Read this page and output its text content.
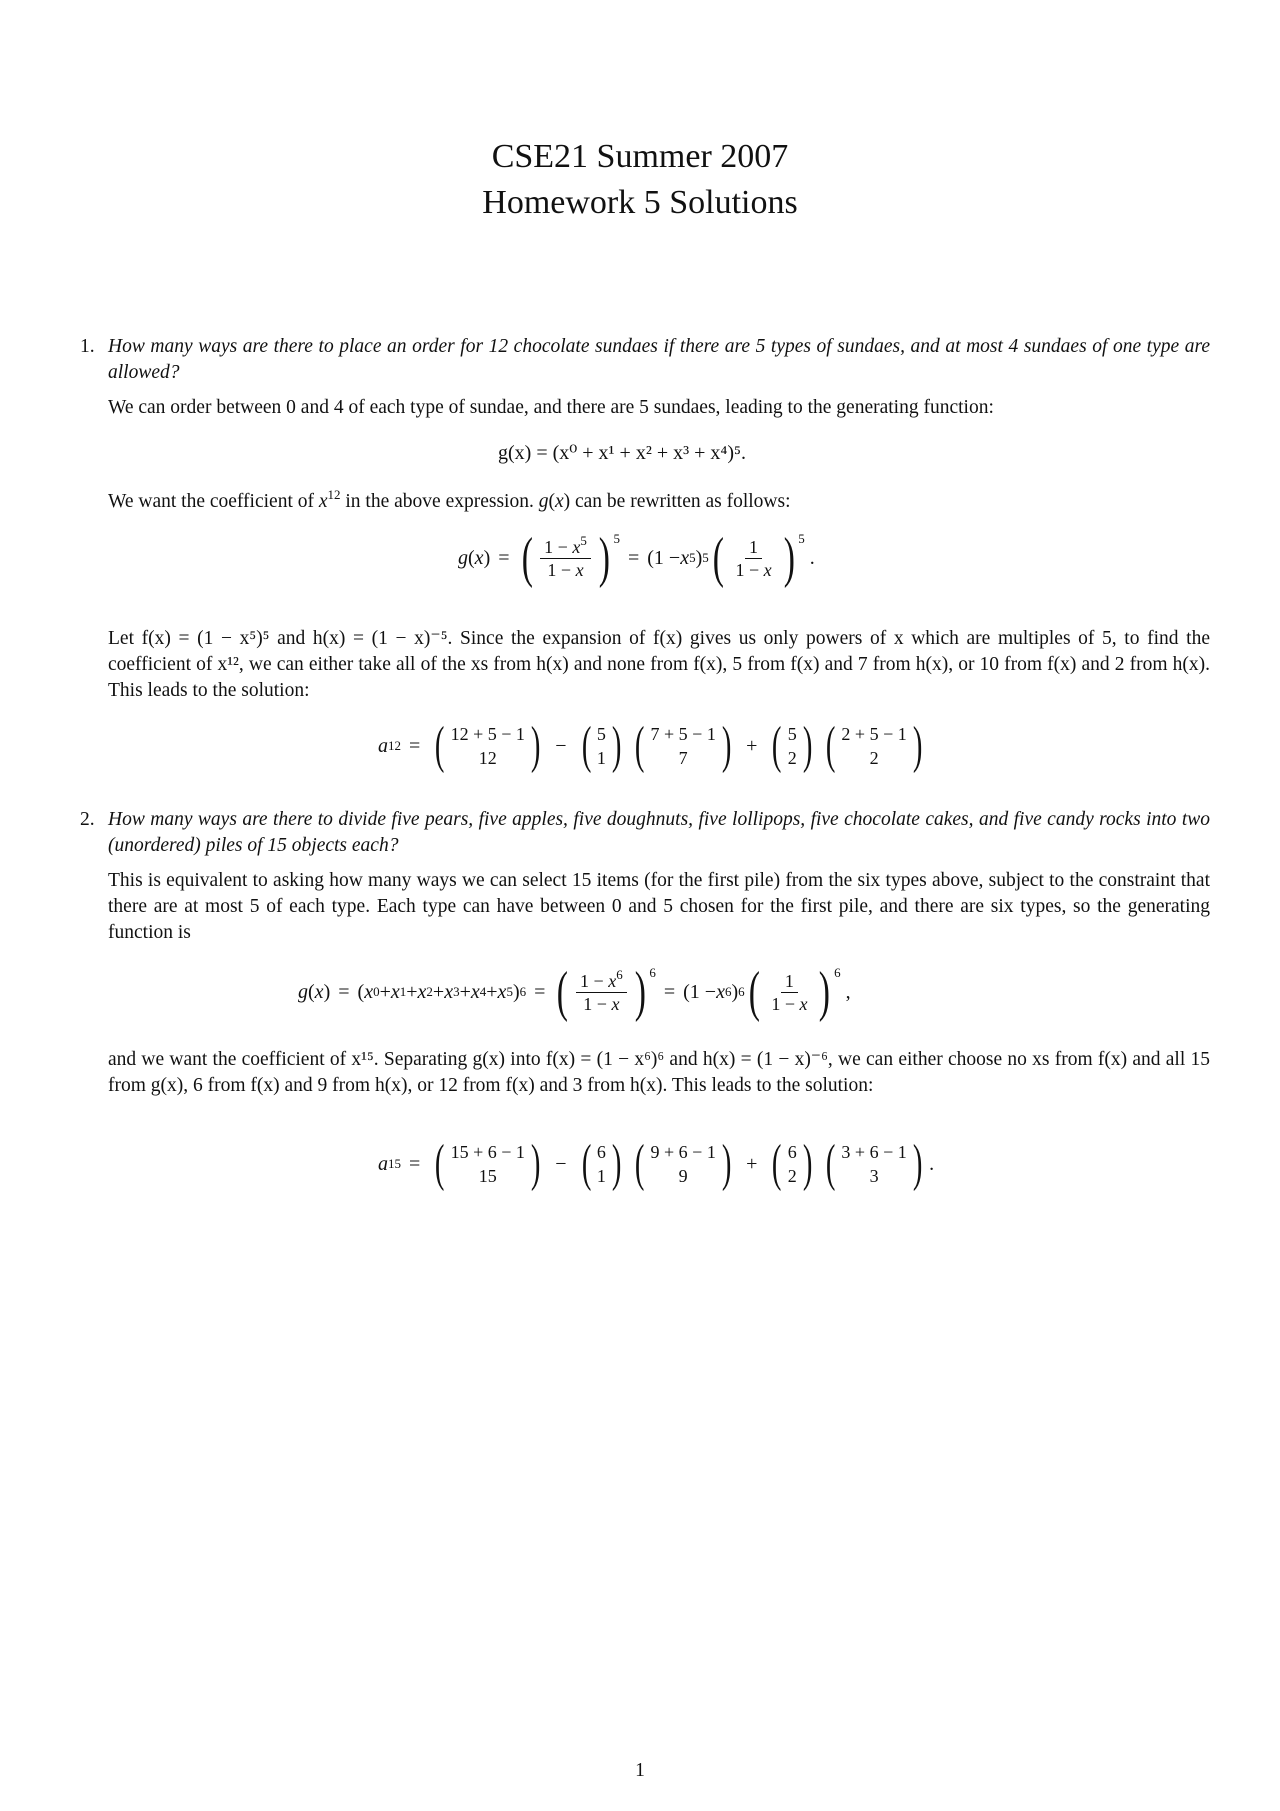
CSE21 Summer 2007
Homework 5 Solutions
1. How many ways are there to place an order for 12 chocolate sundaes if there are 5 types of sundaes, and at most 4 sundaes of one type are allowed?
We can order between 0 and 4 of each type of sundae, and there are 5 sundaes, leading to the generating function:
g(x) = (x⁰ + x¹ + x² + x³ + x⁴)⁵.
We want the coefficient of $x^{12}$ in the above expression. g(x) can be rewritten as follows:
g ( x ) = ( $\frac{1 - x^5}{1 - x}$ ) 5
= (1 − x 5 ) 5 ( $\frac{1}{1 - x}$ ) 5
.
Let f(x) = (1 − x⁵)⁵ and h(x) = (1 − x)⁻⁵. Since the expansion of f(x) gives us only powers of x which are multiples of 5, to find the coefficient of x¹², we can either take all of the xs from h(x) and none from f(x), 5 from f(x) and 7 from h(x), or 10 from f(x) and 2 from h(x). This leads to the solution:
a 12 = ( 12 + 5 − 1
12 ) − ( 5
1 ) ( 7 + 5 − 1
7 ) + ( 5
2 ) ( 2 + 5 − 1
2 )
2. How many ways are there to divide five pears, five apples, five doughnuts, five lollipops, five chocolate cakes, and five candy rocks into two (unordered) piles of 15 objects each?
This is equivalent to asking how many ways we can select 15 items (for the first pile) from the six types above, subject to the constraint that there are at most 5 of each type. Each type can have between 0 and 5 chosen for the first pile, and there are six types, so the generating function is
g ( x ) = ( x 0 + x 1 + x 2 + x 3 + x 4 + x 5 ) 6 = ( $\frac{1 - x^6}{1 - x}$ ) 6
= (1 − x 6 ) 6 ( $\frac{1}{1 - x}$ ) 6
,
and we want the coefficient of x¹⁵. Separating g(x) into f(x) = (1 − x⁶)⁶ and h(x) = (1 − x)⁻⁶, we can either choose no xs from f(x) and all 15 from g(x), 6 from f(x) and 9 from h(x), or 12 from f(x) and 3 from h(x). This leads to the solution:
a 15 = ( 15 + 6 − 1
15 ) − ( 6
1 ) ( 9 + 6 − 1
9 ) + ( 6
2 ) ( 3 + 6 − 1
3 ) .
1
